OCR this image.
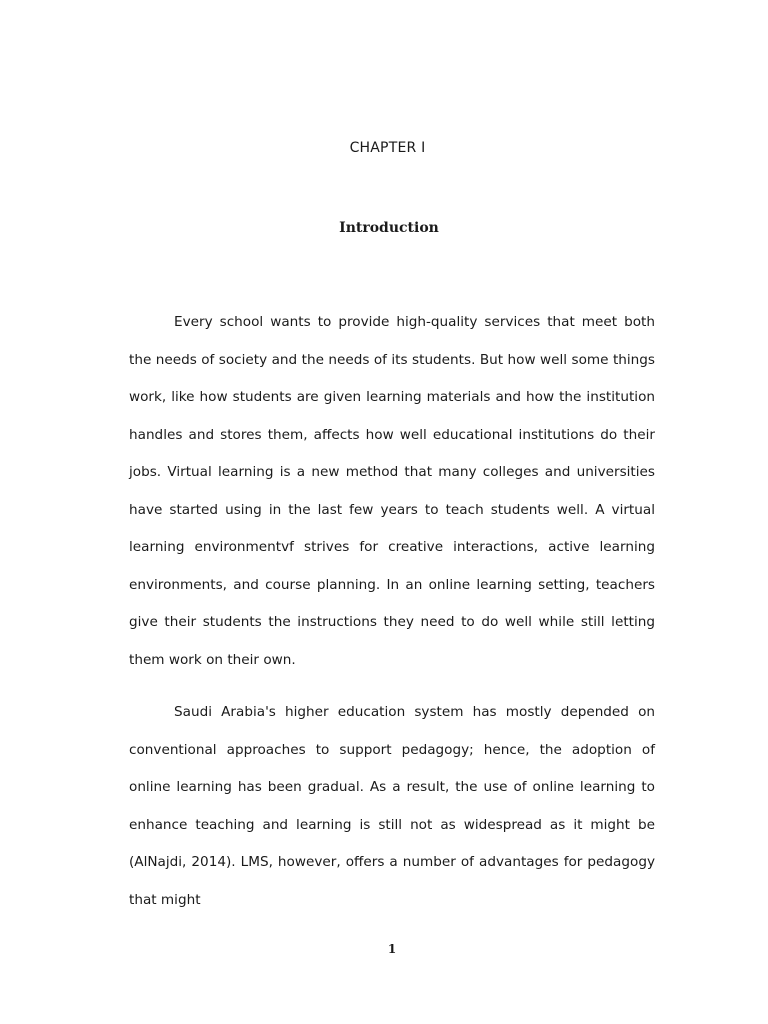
CHAPTER I
Introduction

Every school wants to provide high-quality services that meet both the needs of society and the needs of its students. But how well some things work, like how students are given learning materials and how the institution handles and stores them, affects how well educational institutions do their jobs. Virtual learning is a new method that many colleges and universities have started using in the last few years to teach students well. A virtual learning environmentvf strives for creative interactions, active learning environments, and course planning. In an online learning setting, teachers give their students the instructions they need to do well while still letting them work on their own.

Saudi Arabia's higher education system has mostly depended on conventional approaches to support pedagogy; hence, the adoption of online learning has been gradual. As a result, the use of online learning to enhance teaching and learning is still not as widespread as it might be (AlNajdi, 2014). LMS, however, offers a number of advantages for pedagogy that might

1
